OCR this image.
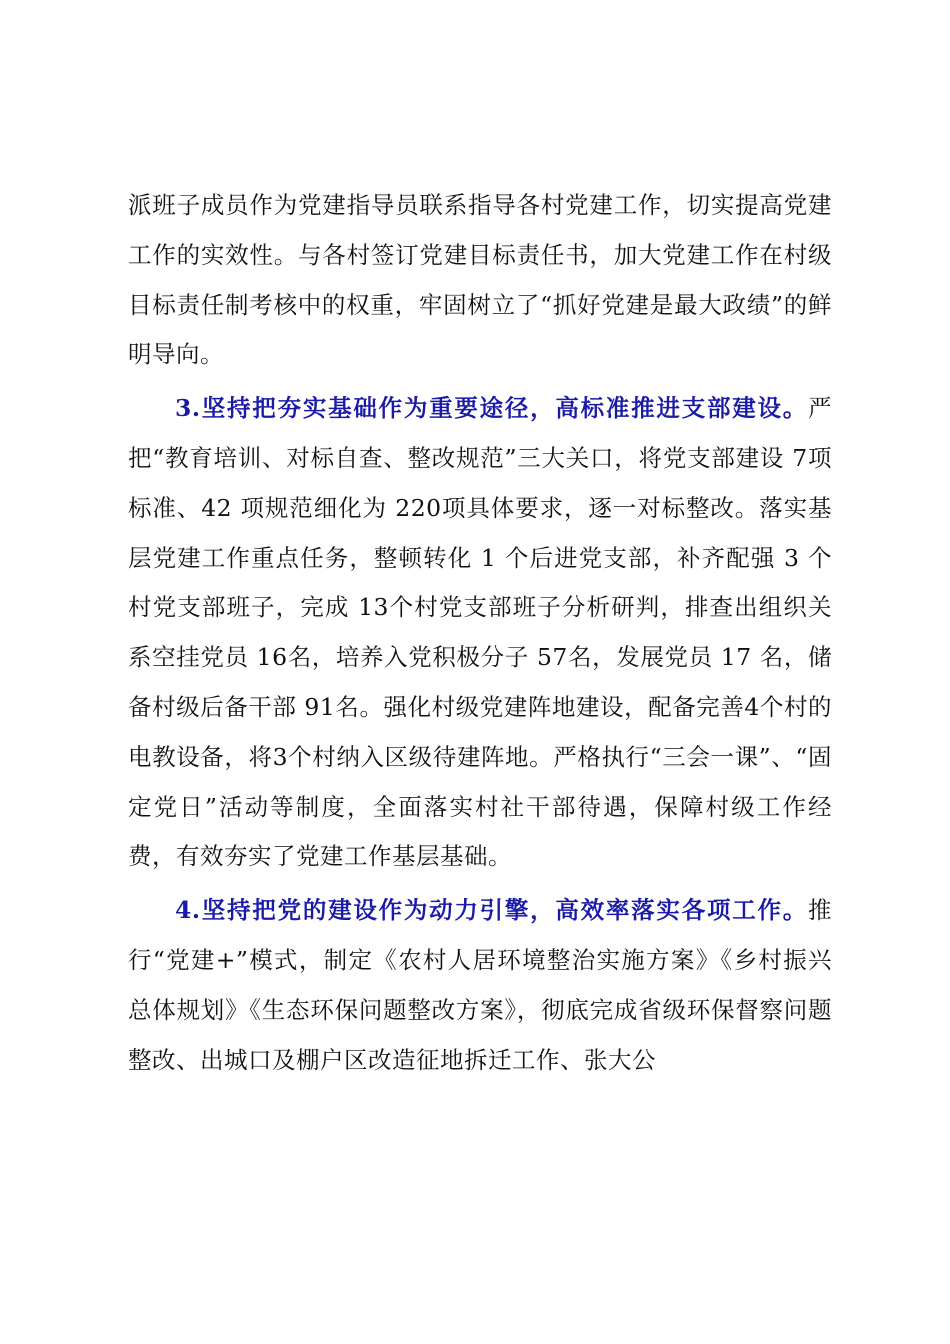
派班子成员作为党建指导员联系指导各村党建工作，切实提高党建工作的实效性。与各村签订党建目标责任书，加大党建工作在村级目标责任制考核中的权重，牢固树立了“抓好党建是最大政绩”的鲜明导向。

3.坚持把夯实基础作为重要途径，高标准推进支部建设。严把“教育培训、对标自查、整改规范”三大关口，将党支部建设 7项标准、42 项规范细化为 220项具体要求，逐一对标整改。落实基层党建工作重点任务，整顿转化 1 个后进党支部，补齐配强 3 个村党支部班子，完成 13个村党支部班子分析研判，排查出组织关系空挂党员 16名，培养入党积极分子 57名，发展党员 17 名，储备村级后备干部 91名。强化村级党建阵地建设，配备完善4个村的电教设备，将3个村纳入区级待建阵地。严格执行“三会一课”、“固定党日”活动等制度，全面落实村社干部待遇，保障村级工作经费，有效夯实了党建工作基层基础。

4.坚持把党的建设作为动力引擎，高效率落实各项工作。推行“党建+”模式，制定《农村人居环境整治实施方案》《乡村振兴总体规划》《生态环保问题整改方案》，彻底完成省级环保督察问题整改、出城口及棚户区改造征地拆迁工作、张大公
